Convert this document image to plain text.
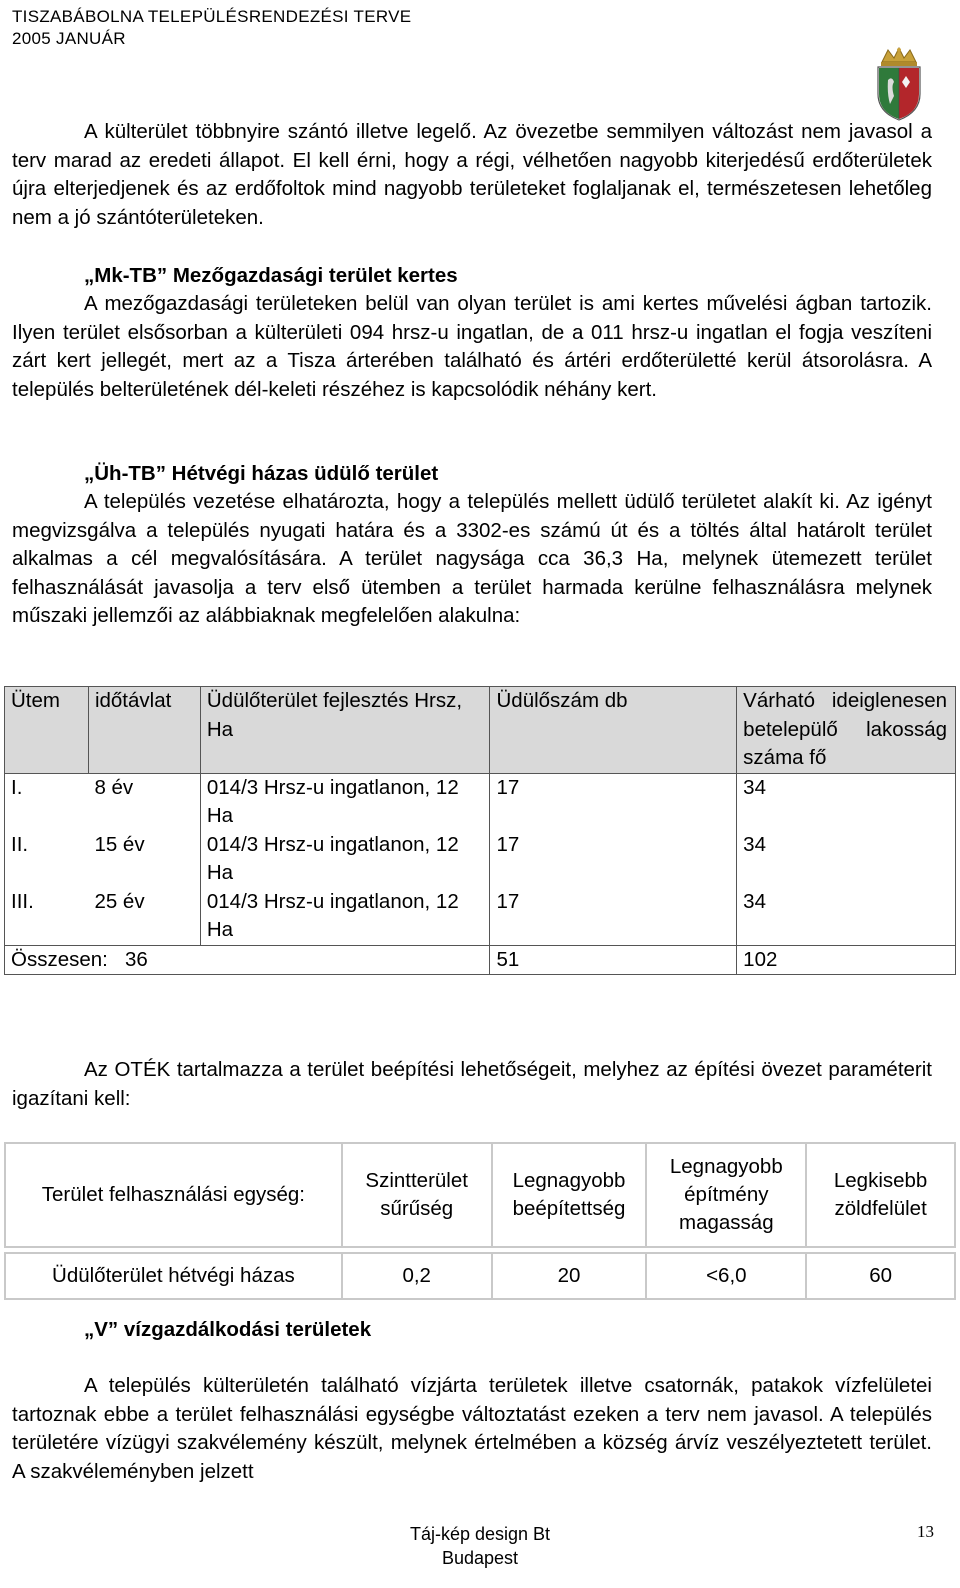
TISZABÁBOLNA TELEPÜLÉSRENDEZÉSI TERVE
2005 JANUÁR

A külterület többnyire szántó illetve legelő. Az övezetbe semmilyen változást nem javasol a terv marad az eredeti állapot. El kell érni, hogy a régi, vélhetően nagyobb kiterjedésű erdőterületek újra elterjedjenek és az erdőfoltok mind nagyobb területeket foglaljanak el, természetesen lehetőleg nem a jó szántóterületeken.

„Mk-TB” Mezőgazdasági terület kertes

A mezőgazdasági területeken belül van olyan terület is ami kertes művelési ágban tartozik. Ilyen terület elsősorban a külterületi 094 hrsz-u ingatlan, de a 011 hrsz-u ingatlan el fogja veszíteni zárt kert jellegét, mert az a Tisza árterében található és ártéri erdőterületté kerül átsorolásra. A település belterületének dél-keleti részéhez is kapcsolódik néhány kert.

„Üh-TB” Hétvégi házas üdülő terület

A település vezetése elhatározta, hogy a település mellett üdülő területet alakít ki. Az igényt megvizsgálva a település nyugati határa és a 3302-es számú út és a töltés által határolt terület alkalmas a cél megvalósítására. A terület nagysága cca 36,3 Ha, melynek ütemezett terület felhasználását javasolja a terv első ütemben a terület harmada kerülne felhasználásra melynek műszaki jellemzői az alábbiaknak megfelelően alakulna:

Ütem	időtávlat	Üdülőterület fejlesztés Hrsz, Ha	Üdülőszám db	Várható ideiglenesen betelepülő lakosság száma fő
I.	8 év	014/3 Hrsz-u ingatlanon, 12 Ha	17	34
II.	15 év	014/3 Hrsz-u ingatlanon, 12 Ha	17	34
III.	25 év	014/3 Hrsz-u ingatlanon, 12 Ha	17	34
Összesen: 36			51	102

Az OTÉK tartalmazza a terület beépítési lehetőségeit, melyhez az építési övezet paraméterit igazítani kell:

Terület felhasználási egység:	Szintterület sűrűség	Legnagyobb beépítettség	Legnagyobb építmény magasság	Legkisebb zöldfelület

Üdülőterület hétvégi házas	0,2	20	<6,0	60
„V” vízgazdálkodási területek

A település külterületén található vízjárta területek illetve csatornák, patakok vízfelületei tartoznak ebbe a terület felhasználási egységbe változtatást ezeken a terv nem javasol. A település területére vízügyi szakvélemény készült, melynek értelmében a község árvíz veszélyeztetett terület. A szakvéleményben jelzett

Táj-kép design Bt
Budapest
13
